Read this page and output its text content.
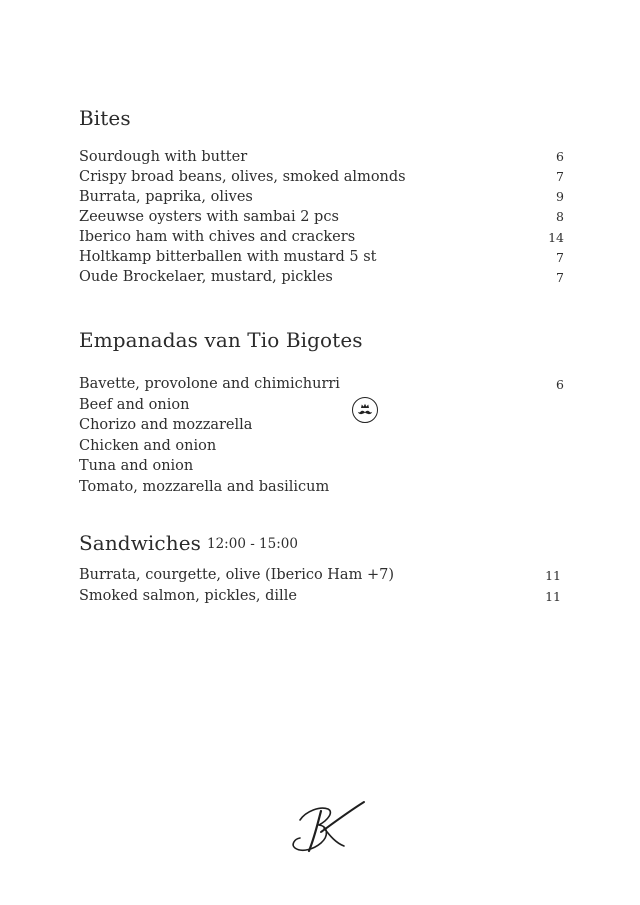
Bites
Sourdough with butter	6
Crispy broad beans, olives, smoked almonds	7
Burrata, paprika, olives	9
Zeeuwse oysters with sambai 2 pcs	8
Iberico ham with chives and crackers	14
Holtkamp bitterballen with mustard 5 st	7
Oude Brockelaer, mustard, pickles	7
Empanadas van Tio Bigotes
Bavette, provolone and chimichurri	6
Beef and onion
Chorizo and mozzarella
Chicken and onion
Tuna and onion
Tomato, mozzarella and basilicum
Sandwiches 12:00 - 15:00
Burrata, courgette, olive (Iberico Ham +7)	11
Smoked salmon, pickles, dille	11
